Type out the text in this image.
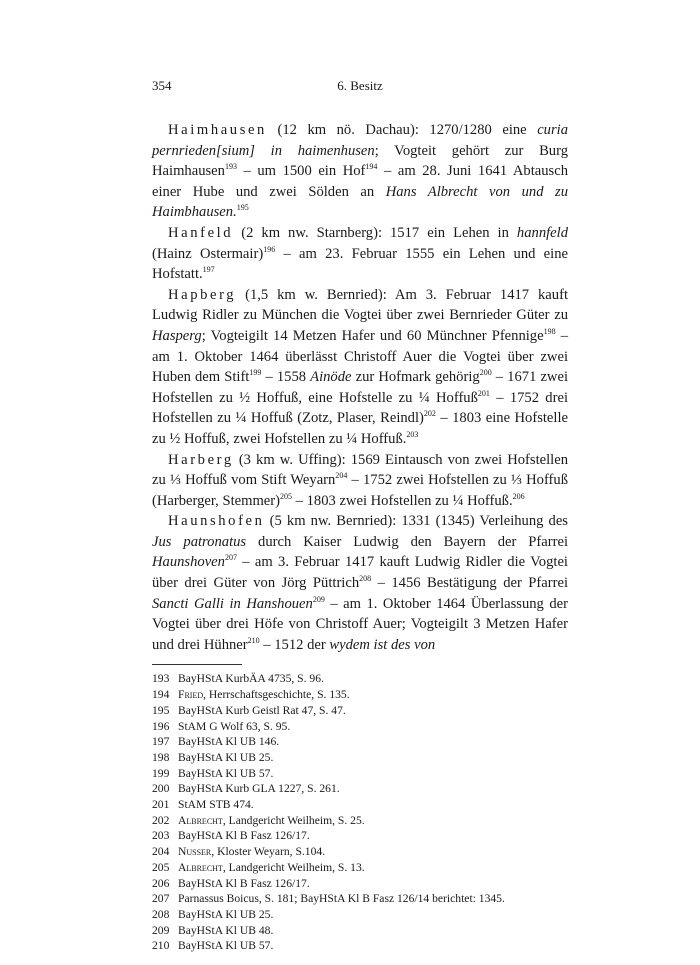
354	6. Besitz

Haimhausen (12 km nö. Dachau): 1270/1280 eine curia pernrieden[sium] in haimenhusen; Vogteit gehört zur Burg Haimhausen$^{193}$ – um 1500 ein Hof$^{194}$ – am 28. Juni 1641 Abtausch einer Hube und zwei Sölden an Hans Albrecht von und zu Haimbhausen.$^{195}$

Hanfeld (2 km nw. Starnberg): 1517 ein Lehen in hannfeld (Hainz Ostermair)$^{196}$ – am 23. Februar 1555 ein Lehen und eine Hofstatt.$^{197}$

Hapberg (1,5 km w. Bernried): Am 3. Februar 1417 kauft Ludwig Ridler zu München die Vogtei über zwei Bernrieder Güter zu Hasperg; Vogteigilt 14 Metzen Hafer und 60 Münchner Pfennige$^{198}$ – am 1. Oktober 1464 überlässt Christoff Auer die Vogtei über zwei Huben dem Stift$^{199}$ – 1558 Ainöde zur Hofmark gehörig$^{200}$ – 1671 zwei Hofstellen zu ½ Hoffuß, eine Hofstelle zu ¼ Hoffuß$^{201}$ – 1752 drei Hofstellen zu ¼ Hoffuß (Zotz, Plaser, Reindl)$^{202}$ – 1803 eine Hofstelle zu ½ Hoffuß, zwei Hofstellen zu ¼ Hoffuß.$^{203}$

Harberg (3 km w. Uffing): 1569 Eintausch von zwei Hofstellen zu ⅓ Hoffuß vom Stift Weyarn$^{204}$ – 1752 zwei Hofstellen zu ⅓ Hoffuß (Harberger, Stemmer)$^{205}$ – 1803 zwei Hofstellen zu ¼ Hoffuß.$^{206}$

Haunshofen (5 km nw. Bernried): 1331 (1345) Verleihung des Jus patronatus durch Kaiser Ludwig den Bayern der Pfarrei Haunshoven$^{207}$ – am 3. Februar 1417 kauft Ludwig Ridler die Vogtei über drei Güter von Jörg Püttrich$^{208}$ – 1456 Bestätigung der Pfarrei Sancti Galli in Hanshouen$^{209}$ – am 1. Oktober 1464 Überlassung der Vogtei über drei Höfe von Christoff Auer; Vogteigilt 3 Metzen Hafer und drei Hühner$^{210}$ – 1512 der wydem ist des von

193 BayHStA KurbÄA 4735, S. 96.
194 Fried, Herrschaftsgeschichte, S. 135.
195 BayHStA Kurb Geistl Rat 47, S. 47.
196 StAM G Wolf 63, S. 95.
197 BayHStA Kl UB 146.
198 BayHStA Kl UB 25.
199 BayHStA Kl UB 57.
200 BayHStA Kurb GLA 1227, S. 261.
201 StAM STB 474.
202 Albrecht, Landgericht Weilheim, S. 25.
203 BayHStA Kl B Fasz 126/17.
204 Nusser, Kloster Weyarn, S.104.
205 Albrecht, Landgericht Weilheim, S. 13.
206 BayHStA Kl B Fasz 126/17.
207 Parnassus Boicus, S. 181; BayHStA Kl B Fasz 126/14 berichtet: 1345.
208 BayHStA Kl UB 25.
209 BayHStA Kl UB 48.
210 BayHStA Kl UB 57.
